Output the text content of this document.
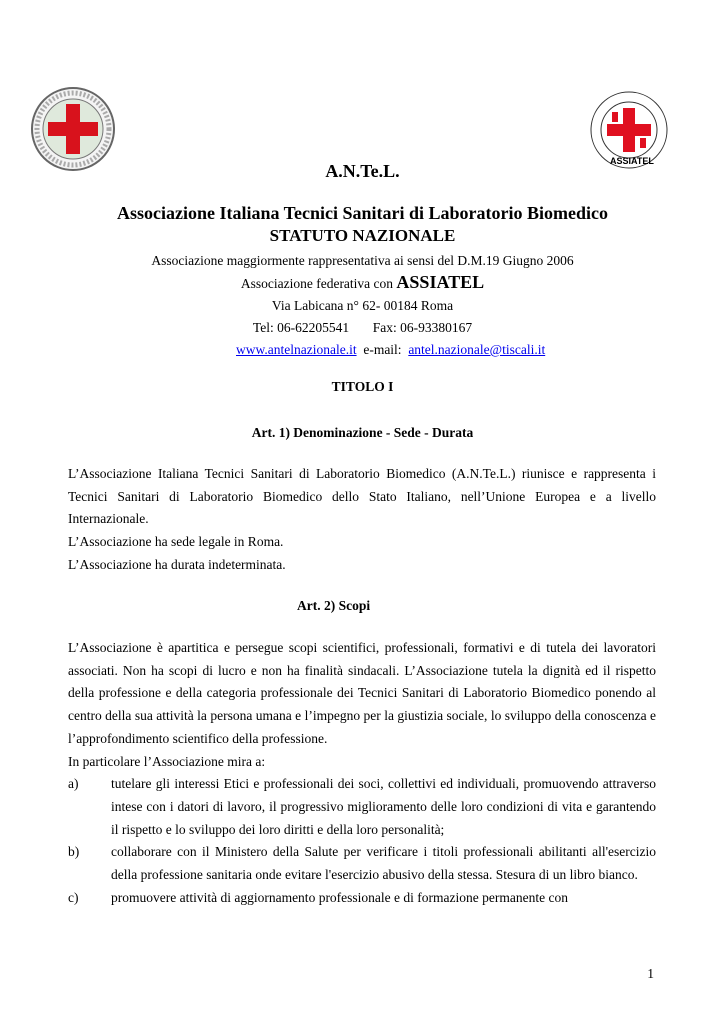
ASSIATEL
A.N.Te.L.
Associazione Italiana Tecnici Sanitari di Laboratorio Biomedico
STATUTO NAZIONALE
Associazione maggiormente rappresentativa ai sensi del D.M.19 Giugno 2006
Associazione federativa con ASSIATEL
Via Labicana n° 62- 00184 Roma
Tel: 06-62205541 Fax: 06-93380167
www.antelnazionale.it e-mail: antel.nazionale@tiscali.it
TITOLO I
Art. 1) Denominazione - Sede - Durata
L’Associazione Italiana Tecnici Sanitari di Laboratorio Biomedico (A.N.Te.L.) riunisce e rappresenta i Tecnici Sanitari di Laboratorio Biomedico dello Stato Italiano, nell’Unione Europea e a livello Internazionale.
L’Associazione ha sede legale in Roma.
L’Associazione ha durata indeterminata.
Art. 2) Scopi
L’Associazione è apartitica e persegue scopi scientifici, professionali, formativi e di tutela dei lavoratori associati. Non ha scopi di lucro e non ha finalità sindacali. L’Associazione tutela la dignità ed il rispetto della professione e della categoria professionale dei Tecnici Sanitari di Laboratorio Biomedico ponendo al centro della sua attività la persona umana e l’impegno per la giustizia sociale, lo sviluppo della conoscenza e l’approfondimento scientifico della professione.
In particolare l’Associazione mira a:
a) tutelare gli interessi Etici e professionali dei soci, collettivi ed individuali, promuovendo attraverso intese con i datori di lavoro, il progressivo miglioramento delle loro condizioni di vita e garantendo il rispetto e lo sviluppo dei loro diritti e della loro personalità;
b) collaborare con il Ministero della Salute per verificare i titoli professionali abilitanti all'esercizio della professione sanitaria onde evitare l'esercizio abusivo della stessa. Stesura di un libro bianco.
c) promuovere attività di aggiornamento professionale e di formazione permanente con
1
